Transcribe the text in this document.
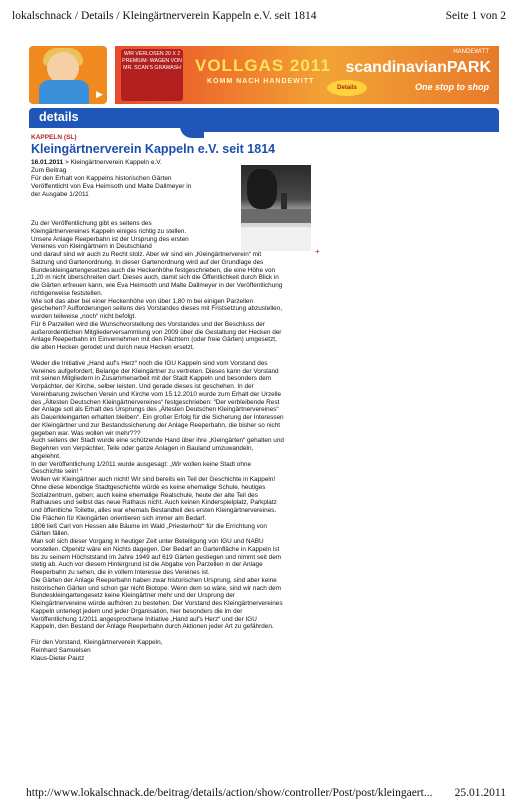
lokalschnack / Details / Kleingärtnerverein Kappeln e.V. seit 1814	Seite 1 von 2
▶
WIR VERLOSEN 20 X 2 PREMIUM- WAGEN VON MR. SCAN'S GRAWASH VOLLGAS 2011
KOMM NACH HANDEWITT
Details
HANDEWITT
scandinavianPARK
One stop to shop
details
KAPPELN (SL)
Kleingärtnerverein Kappeln e.V. seit 1814
16.01.2011 > Kleingärtnerverein Kappeln e.V.
Zum Beitrag
Für den Erhalt von Kappelns historischen Gärten
Veröffentlicht von Eva Heimsoth und Malte Dallmeyer in
der Ausgabe 1/2011
+

Zu der Veröffentlichung gibt es seitens des
Kleingärtnervereines Kappeln einiges richtig zu stellen.
Unsere Anlage Reeperbahn ist der Ursprung des ersten
Vereines von Kleingärtnern in Deutschland
und darauf sind wir auch zu Recht stolz. Aber wir sind ein „Kleingärtnerverein“ mit
Satzung und Gartenordnung. In dieser Gartenordnung wird auf der Grundlage des
Bundeskleingartengesetzes auch die Heckenhöhe festgeschrieben, die eine Höhe von
1,20 m nicht überschreiten darf. Dieses auch, damit sich die Öffentlichkeit durch Blick in
die Gärten erfreuen kann, wie Eva Heimsoth und Malte Dallmeyer in der Veröffentlichung
richtigerweise feststellen.
Wie soll das aber bei einer Heckenhöhe von über 1,80 m bei einigen Parzellen
geschehen? Aufforderungen seitens des Vorstandes dieses mit Fristsetzung abzustellen,
wurden teilweise „noch“ nicht befolgt.
Für 6 Parzellen wird die Wunschvorstellung des Vorstandes und der Beschluss der
außerordentlichen Mitgliederversammlung von 2009 über die Gestaltung der Hecken der
Anlage Reeperbahn im Einvernehmen mit den Pächtern (oder freie Gärten) umgesetzt,
die alten Hecken gerodet und durch neue Hecken ersetzt.

Weder die Initiative „Hand auf's Herz“ noch die IGU Kappeln sind vom Vorstand des
Vereines aufgefordert, Belange der Kleingärtner zu vertreten. Dieses kann der Vorstand
mit seinen Mitgliedern in Zusammenarbeit mit der Stadt Kappeln und besonders dem
Verpächter, der Kirche, selber leisten. Und gerade dieses ist geschehen. In der
Vereinbarung zwischen Verein und Kirche vom 15.12.2010 wurde zum Erhalt der Urzelle
des „Ältesten Deutschen Kleingärtnervereines“ festgeschrieben: “Der verbleibende Rest
der Anlage soll als Erhalt des Ursprungs des „Ältesten Deutschen Kleingärtnervereines“
als Dauerkleingarten erhalten bleiben“. Ein großer Erfolg für die Sicherung der Interessen
der Kleingärtner und zur Bestandssicherung der Anlage Reeperbahn, die bisher so nicht
gegeben war. Was wollen wir mehr???
Auch seitens der Stadt wurde eine schützende Hand über ihre „Kleingärten“ gehalten und
Begehren von Verpächter, Teile oder ganze Anlagen in Bauland umzuwandeln,
abgelehnt.
In der Veröffentlichung 1/2011 wurde ausgesagt: „Wir wollen keine Stadt ohne
Geschichte sein! “
Wollen wir Kleingärtner auch nicht! Wir sind bereits ein Teil der Geschichte in Kappeln!
Ohne diese lebendige Stadtgeschichte würde es keine ehemalige Schule, heutiges
Sozialzentrum, geben; auch keine ehemalige Realschule, heute der alte Teil des
Rathauses und selbst das neue Rathaus nicht. Auch keinen Kinderspielplatz, Parkplatz
und öffentliche Toilette, alles war ehemals Bestandteil des ersten Kleingärtnervereines.
Die Flächen für Kleingärten orientieren sich immer am Bedarf.
1806 ließ Carl von Hessen alle Bäume im Wald „Priesterholz“ für die Errichtung von
Gärten fällen.
Man soll sich dieser Vorgang in heutiger Zeit unter Beteiligung von IGU und NABU
vorstellen. Olpenitz wäre ein Nichts dagegen. Der Bedarf an Gartenfläche in Kappeln ist
bis zu seinem Höchststand im Jahre 1949 auf 619 Gärten gestiegen und nimmt seit dem
stetig ab. Auch vor diesem Hintergrund ist die Abgabe von Parzellen in der Anlage
Reeperbahn zu sehen, die in vollem Interesse des Vereines ist.
Die Gärten der Anlage Reeperbahn haben zwar historischen Ursprung, sind aber keine
historischen Gärten und schon gar nicht Biotope. Wenn dem so wäre, sind wir nach dem
Bundeskleingartengesetz keine Kleingärtner mehr und der Ursprung der
Kleingärtnervereine würde aufhören zu bestehen. Der Vorstand des Kleingärtnervereines
Kappeln unterlegt jedem und jeder Organisation, hier besonders die im der
Veröffentlichung 1/2011 angesprochene Initiative „Hand auf's Herz“ und der IGU
Kappeln, den Bestand der Anlage Reeperbahn durch Aktionen jeder Art zu gefährden.

Für den Vorstand, Kleingärtnerverein Kappeln,
Reinhard Samuelsen
Klaus-Dieter Pautz

http://www.lokalschnack.de/beitrag/details/action/show/controller/Post/post/kleingaert... 25.01.2011
